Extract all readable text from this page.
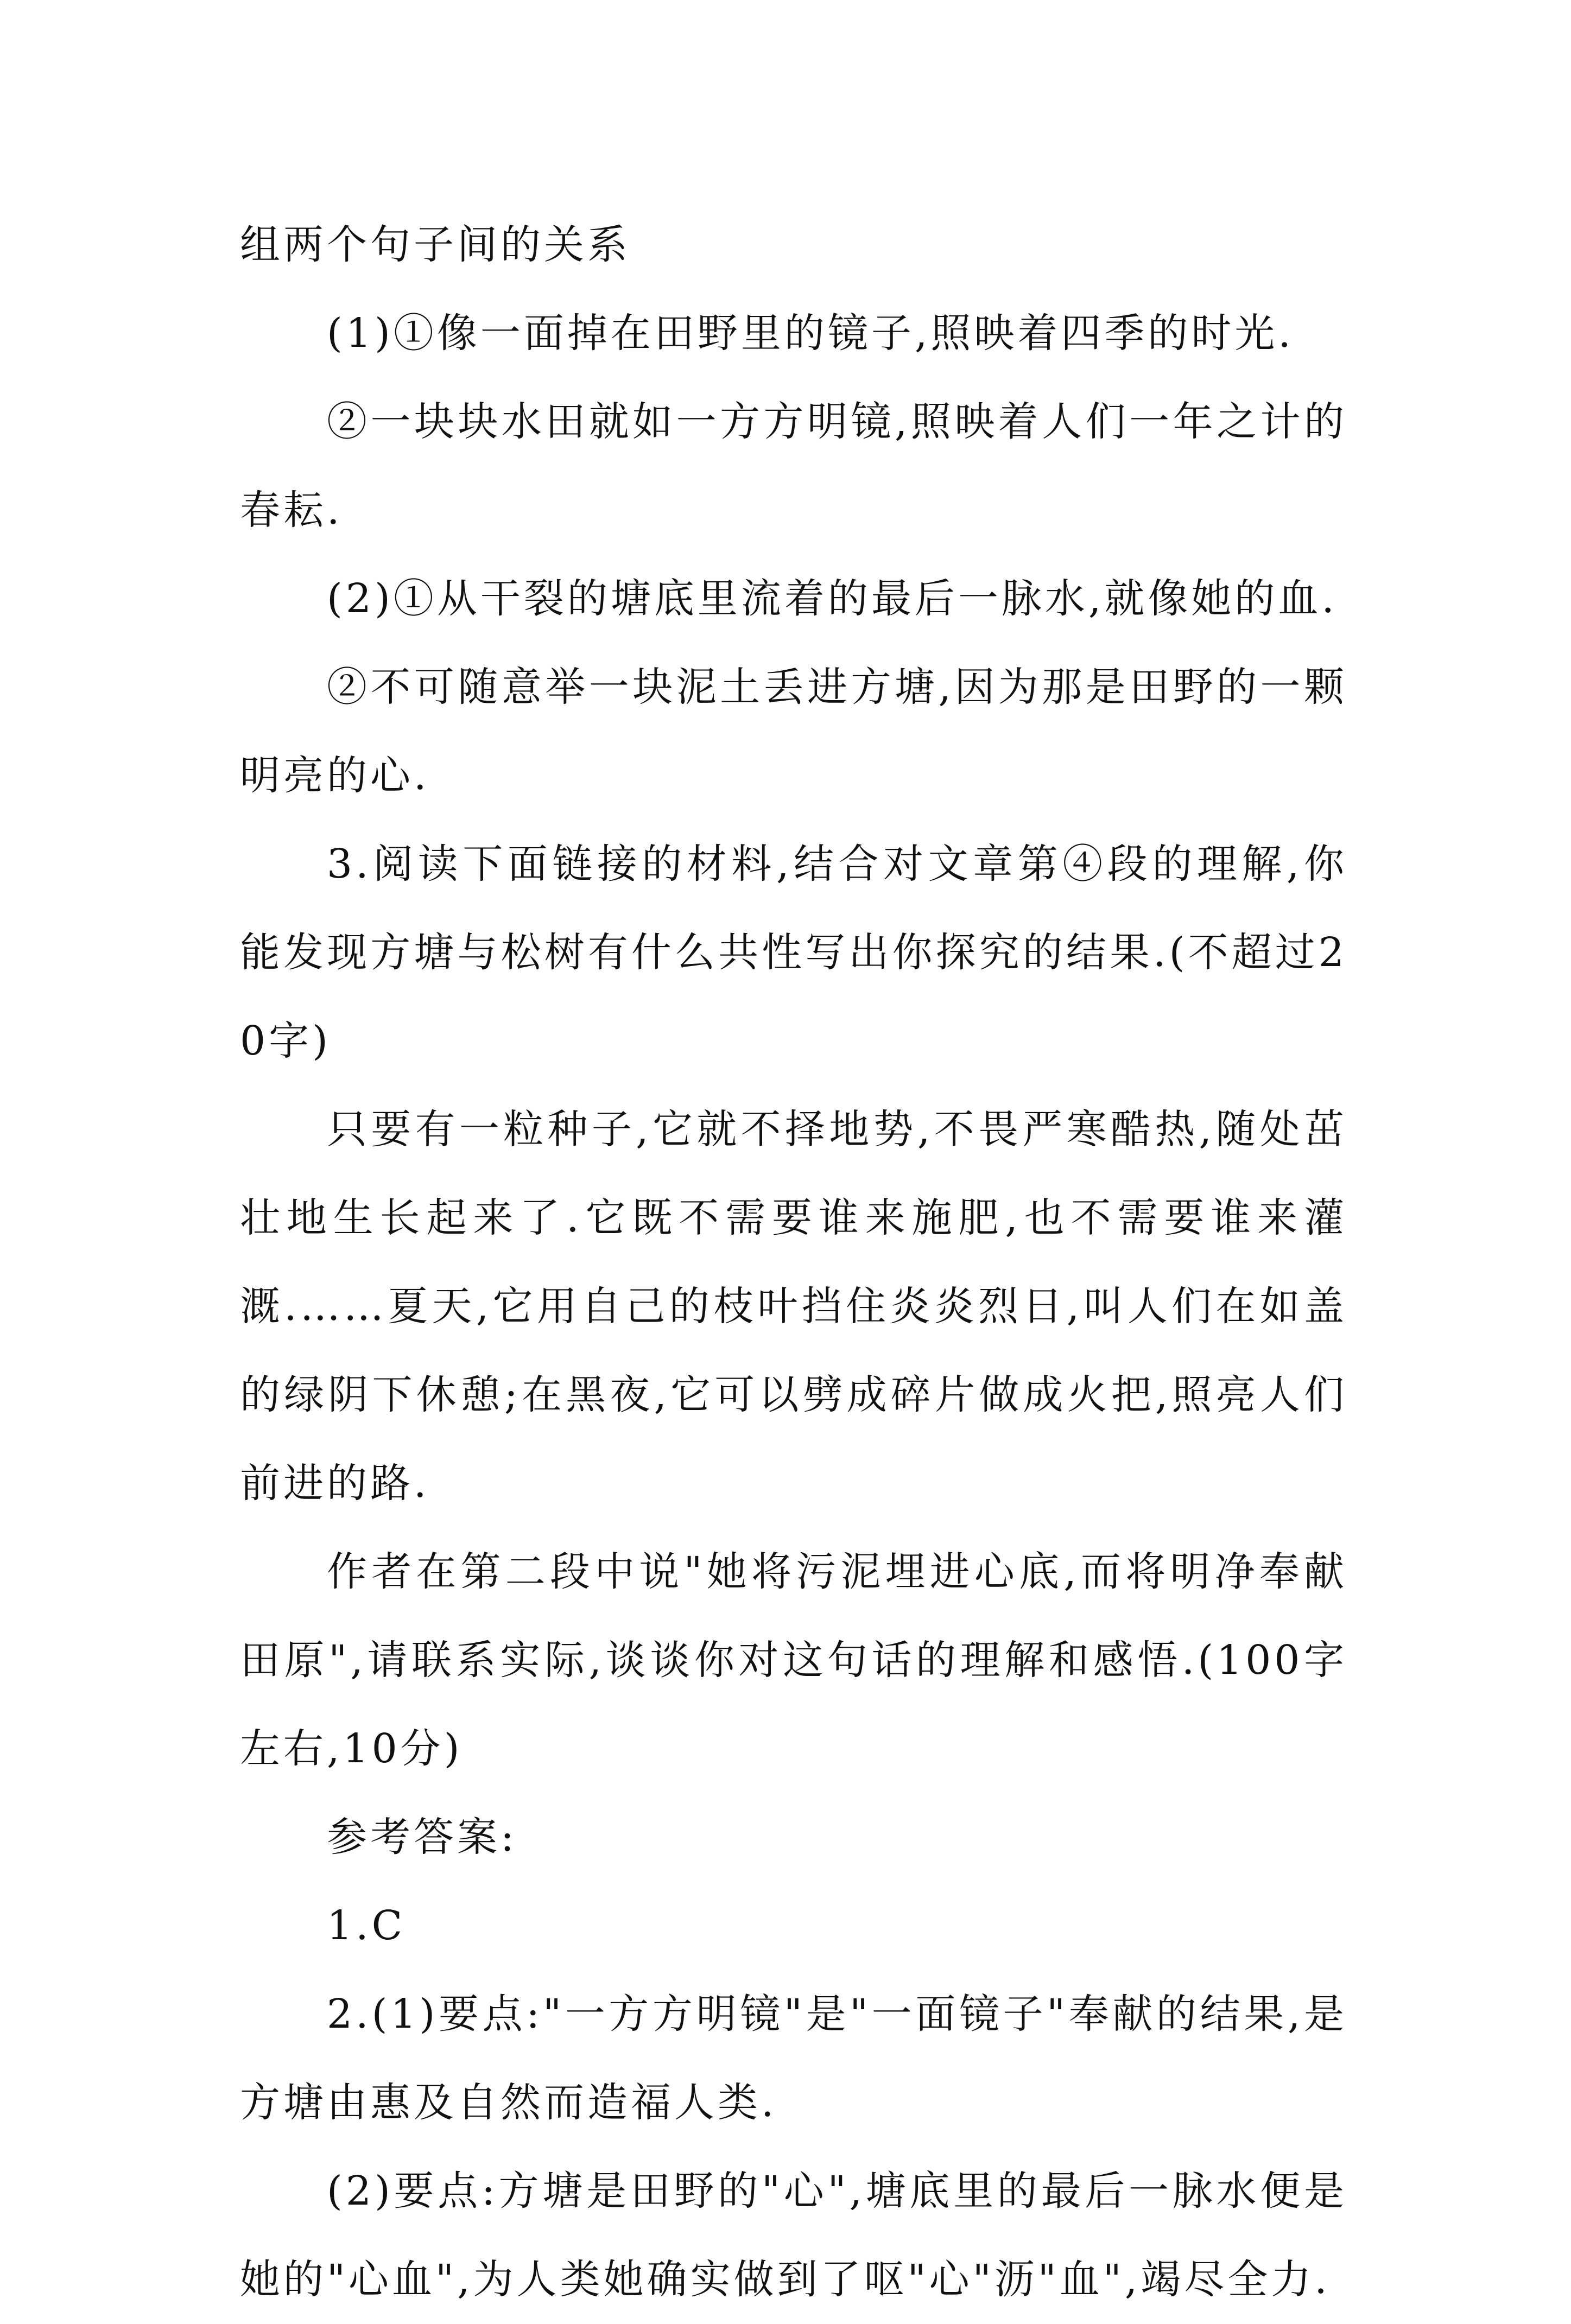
组两个句子间的关系

(1)①像一面掉在田野里的镜子,照映着四季的时光.

②一块块水田就如一方方明镜,照映着人们一年之计的春耘.

(2)①从干裂的塘底里流着的最后一脉水,就像她的血.

②不可随意举一块泥土丢进方塘,因为那是田野的一颗明亮的心.

3.阅读下面链接的材料,结合对文章第④段的理解,你能发现方塘与松树有什么共性写出你探究的结果.(不超过20字)

只要有一粒种子,它就不择地势,不畏严寒酷热,随处茁壮地生长起来了.它既不需要谁来施肥,也不需要谁来灌溉.……夏天,它用自己的枝叶挡住炎炎烈日,叫人们在如盖的绿阴下休憩;在黑夜,它可以劈成碎片做成火把,照亮人们前进的路.

作者在第二段中说"她将污泥埋进心底,而将明净奉献田原",请联系实际,谈谈你对这句话的理解和感悟.(100字左右,10分)

参考答案:

1.C

2.(1)要点:"一方方明镜"是"一面镜子"奉献的结果,是方塘由惠及自然而造福人类.

(2)要点:方塘是田野的"心",塘底里的最后一脉水便是她的"心血",为人类她确实做到了呕"心"沥"血",竭尽全力.
